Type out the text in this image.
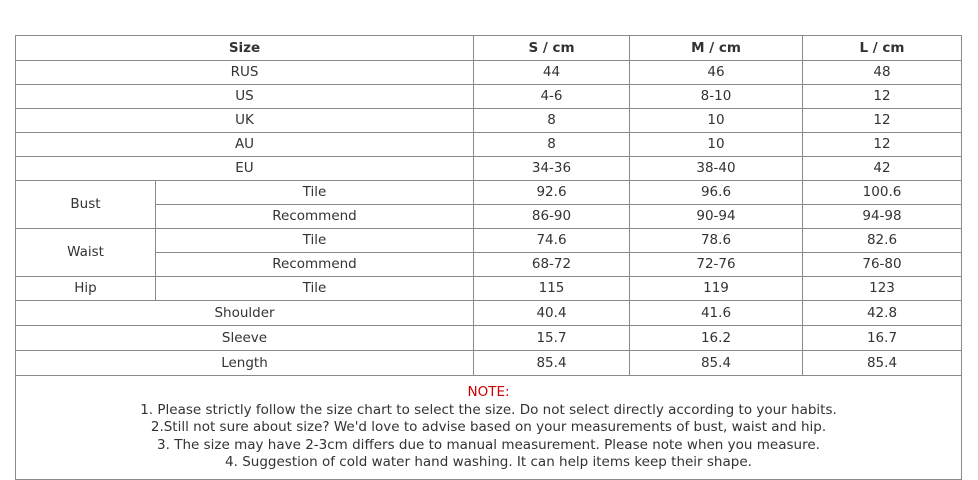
Size		S / cm	M / cm	L / cm
RUS		44	46	48
US		4-6	8-10	12
UK		8	10	12
AU		8	10	12
EU		34-36	38-40	42
Bust	Tile	92.6	96.6	100.6
	Recommend	86-90	90-94	94-98
Waist	Tile	74.6	78.6	82.6
	Recommend	68-72	72-76	76-80
Hip	Tile	115	119	123
Shoulder		40.4	41.6	42.8
Sleeve		15.7	16.2	16.7
Length		85.4	85.4	85.4

NOTE:
1. Please strictly follow the size chart to select the size. Do not select directly according to your habits.
2.Still not sure about size? We'd love to advise based on your measurements of bust, waist and hip.
3. The size may have 2-3cm differs due to manual measurement. Please note when you measure.
4. Suggestion of cold water hand washing. It can help items keep their shape.				
